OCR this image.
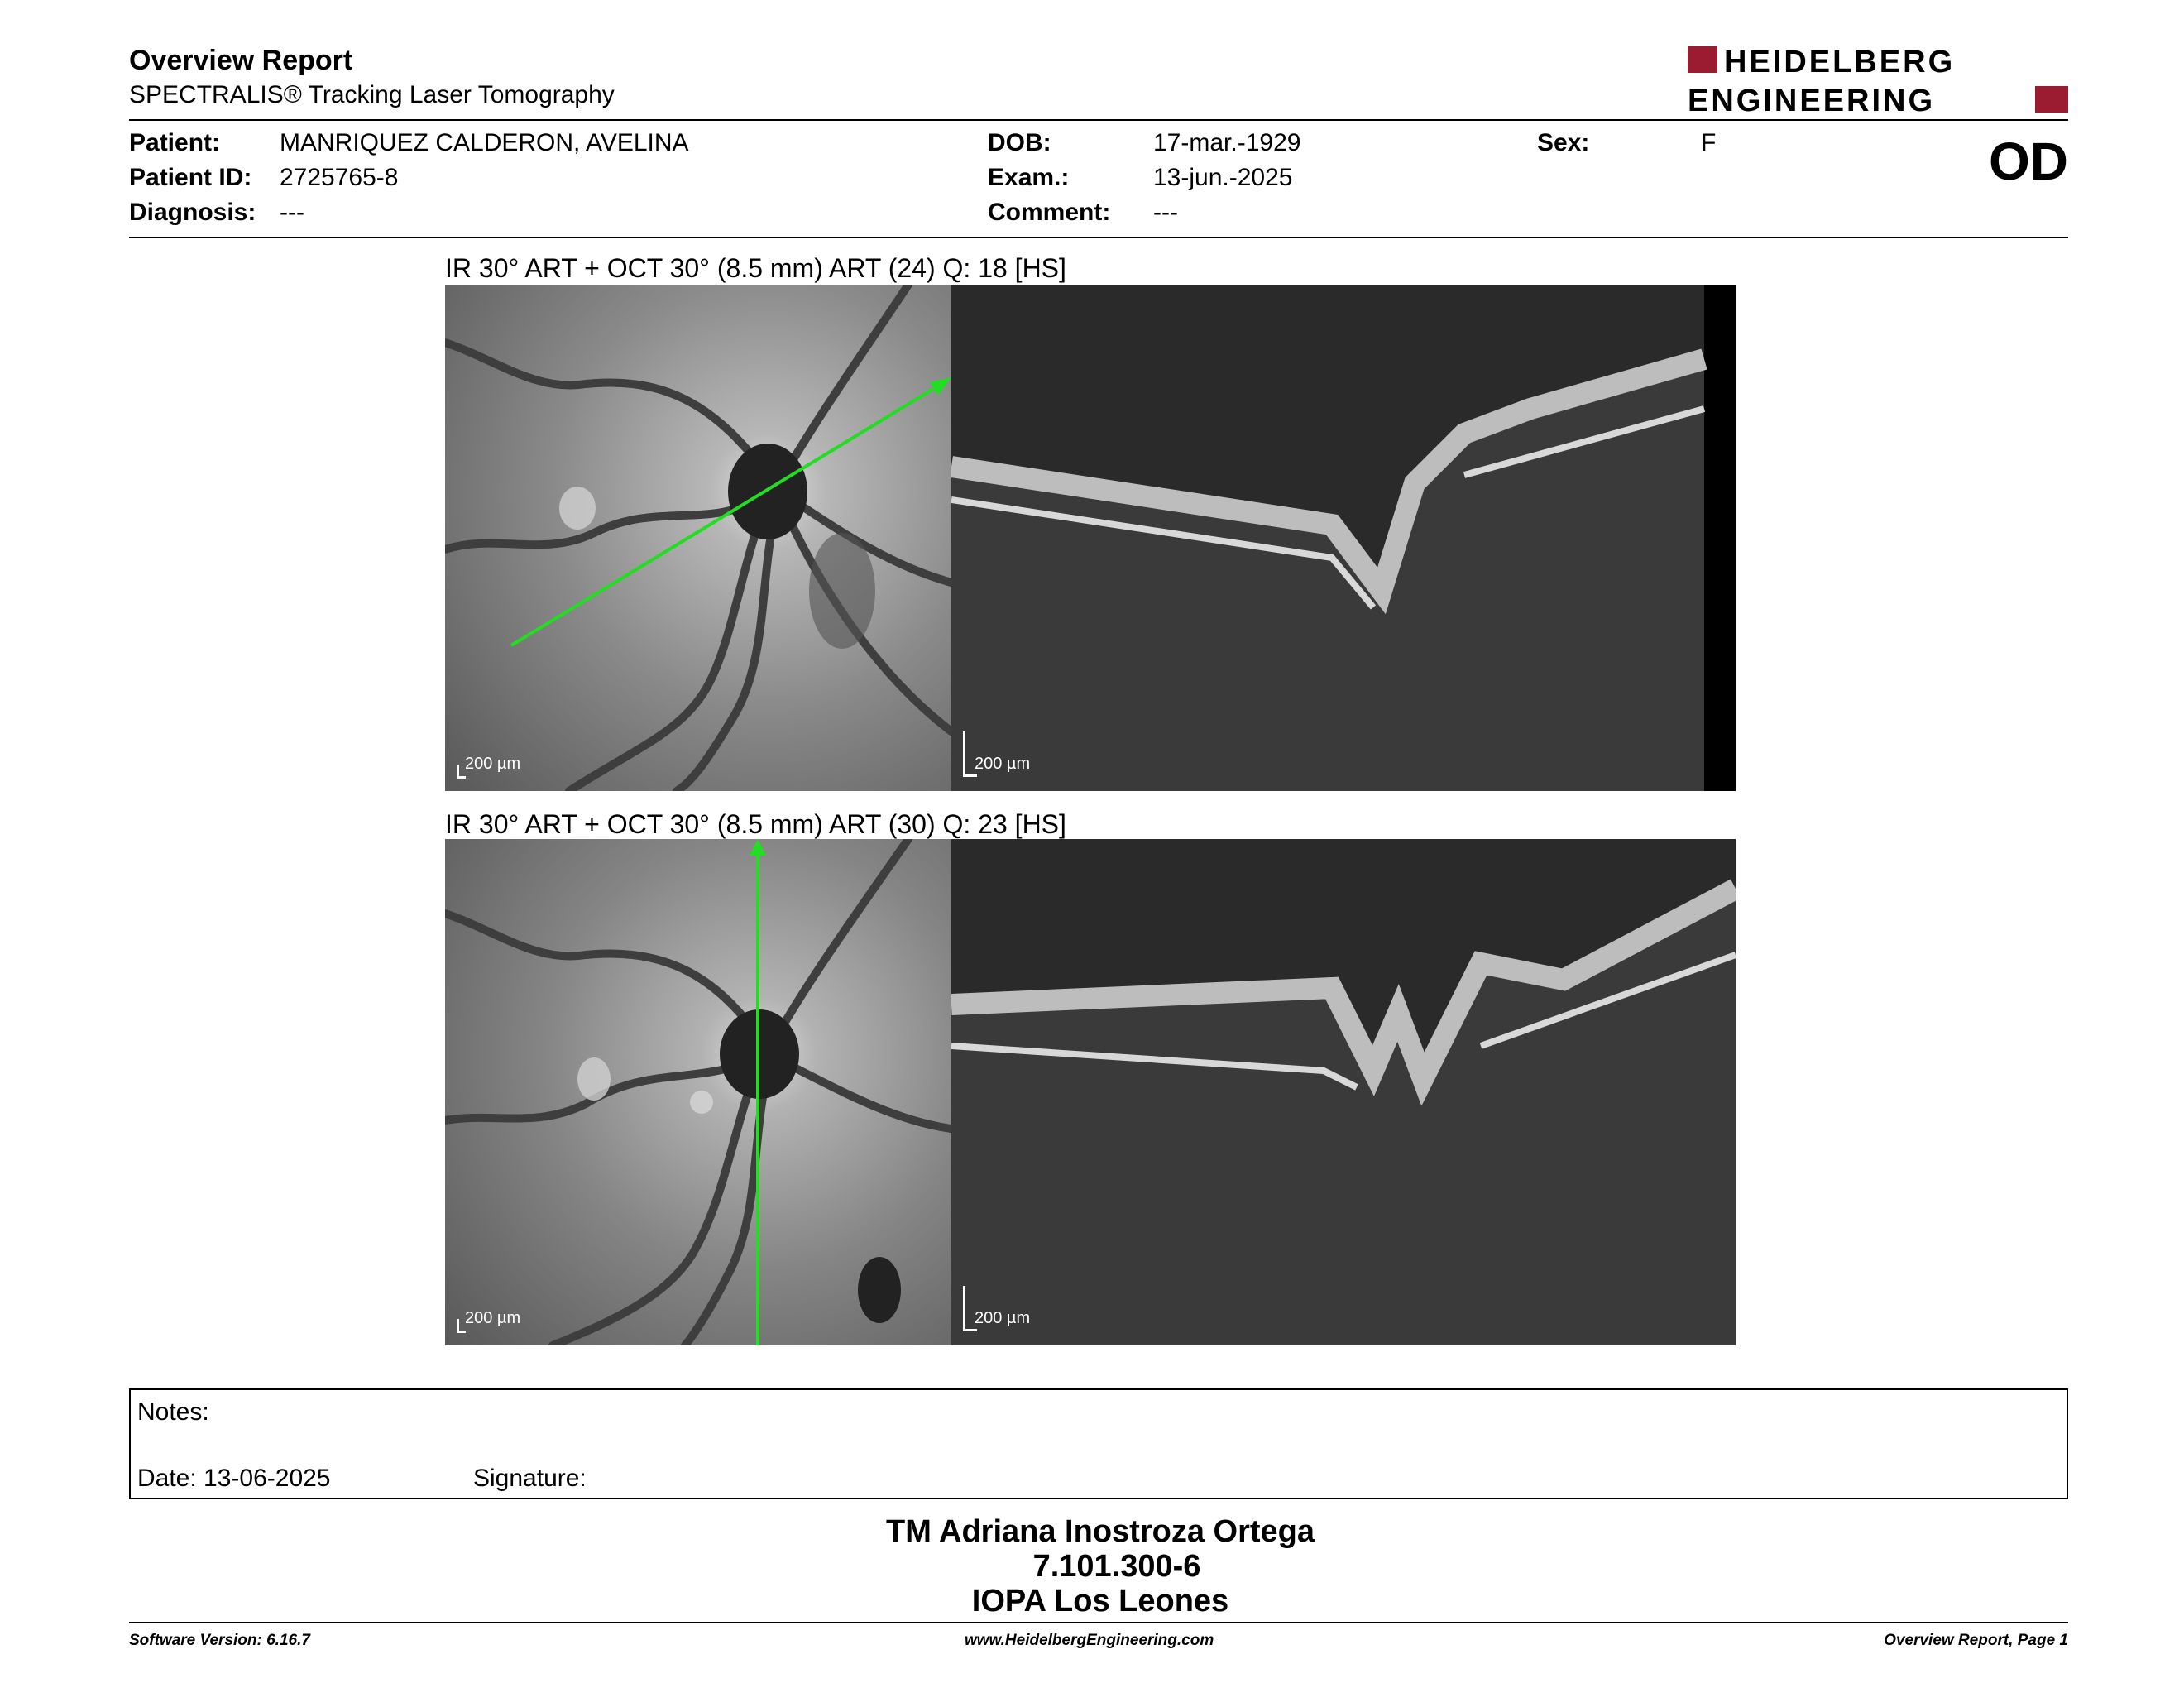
Overview Report
SPECTRALIS® Tracking Laser Tomography
HEIDELBERG
ENGINEERING
Patient: MANRIQUEZ CALDERON, AVELINA
Patient ID: 2725765-8
Diagnosis: ---
DOB:	17-mar.-1929
Exam.:	13-jun.-2025
Comment: ---
Sex:	F	OD
IR 30° ART + OCT 30° (8.5 mm) ART (24) Q: 18 [HS]
200 µm	200 µm
IR 30° ART + OCT 30° (8.5 mm) ART (30) Q: 23 [HS]
200 µm	200 µm
Notes:
Date: 13-06-2025	Signature:
TM Adriana Inostroza Ortega
7.101.300-6
IOPA Los Leones
Software Version: 6.16.7	www.HeidelbergEngineering.com	Overview Report, Page 1
